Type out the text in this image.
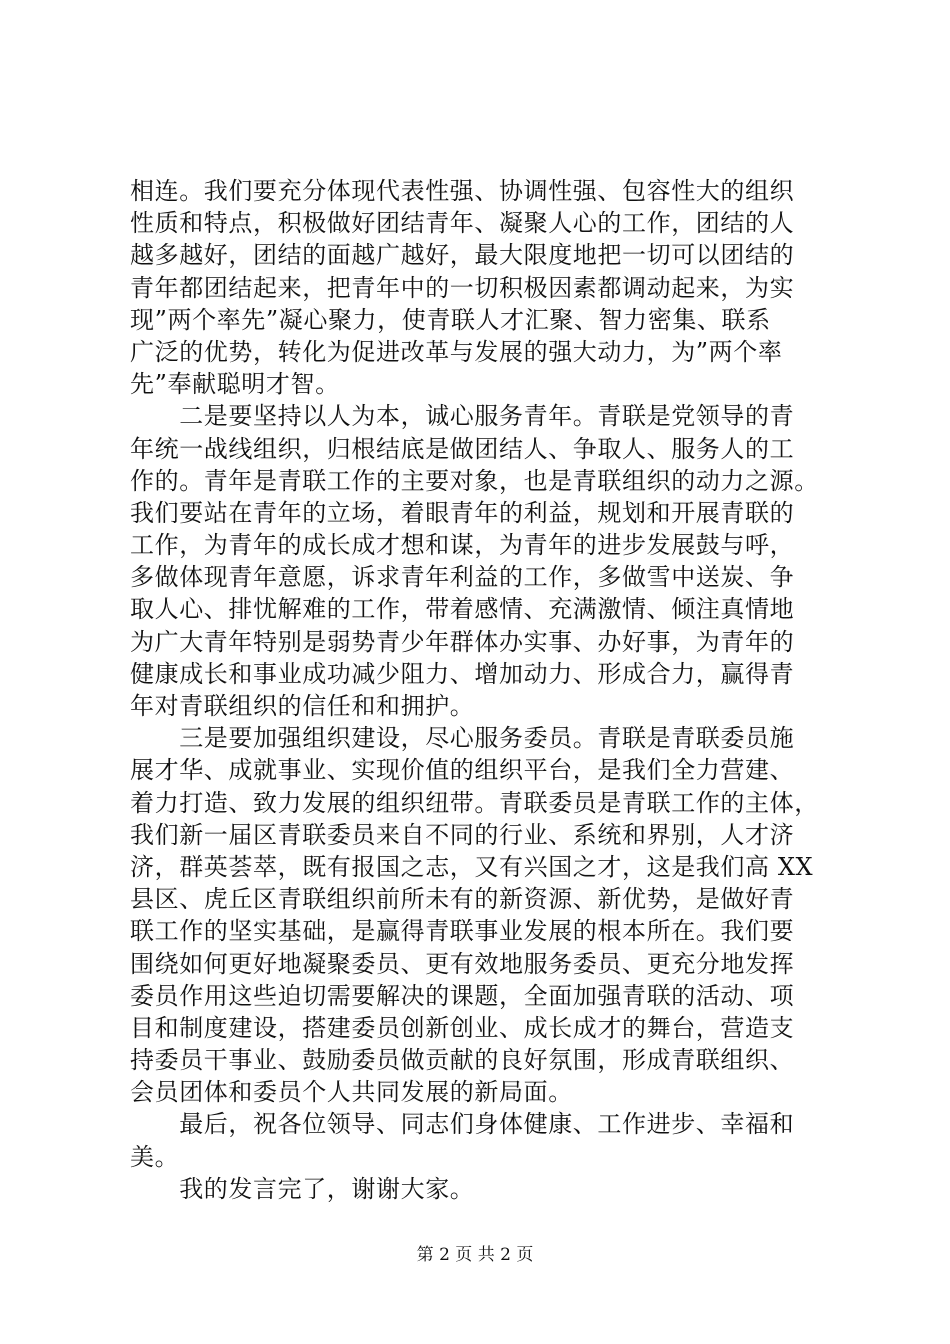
相连。我们要充分体现代表性强、协调性强、包容性大的组织
性质和特点，积极做好团结青年、凝聚人心的工作，团结的人
越多越好，团结的面越广越好，最大限度地把一切可以团结的
青年都团结起来，把青年中的一切积极因素都调动起来，为实
现”两个率先”凝心聚力，使青联人才汇聚、智力密集、联系
广泛的优势，转化为促进改革与发展的强大动力，为”两个率
先”奉献聪明才智。
　　二是要坚持以人为本，诚心服务青年。青联是党领导的青
年统一战线组织，归根结底是做团结人、争取人、服务人的工
作的。青年是青联工作的主要对象，也是青联组织的动力之源。
我们要站在青年的立场，着眼青年的利益，规划和开展青联的
工作，为青年的成长成才想和谋，为青年的进步发展鼓与呼，
多做体现青年意愿，诉求青年利益的工作，多做雪中送炭、争
取人心、排忧解难的工作，带着感情、充满激情、倾注真情地
为广大青年特别是弱势青少年群体办实事、办好事，为青年的
健康成长和事业成功减少阻力、增加动力、形成合力，赢得青
年对青联组织的信任和和拥护。
　　三是要加强组织建设，尽心服务委员。青联是青联委员施
展才华、成就事业、实现价值的组织平台，是我们全力营建、
着力打造、致力发展的组织纽带。青联委员是青联工作的主体，
我们新一届区青联委员来自不同的行业、系统和界别，人才济
济，群英荟萃，既有报国之志，又有兴国之才，这是我们高 XX
县区、虎丘区青联组织前所未有的新资源、新优势，是做好青
联工作的坚实基础，是赢得青联事业发展的根本所在。我们要
围绕如何更好地凝聚委员、更有效地服务委员、更充分地发挥
委员作用这些迫切需要解决的课题，全面加强青联的活动、项
目和制度建设，搭建委员创新创业、成长成才的舞台，营造支
持委员干事业、鼓励委员做贡献的良好氛围，形成青联组织、
会员团体和委员个人共同发展的新局面。
　　最后，祝各位领导、同志们身体健康、工作进步、幸福和
美。
　　我的发言完了，谢谢大家。
第 2 页 共 2 页
